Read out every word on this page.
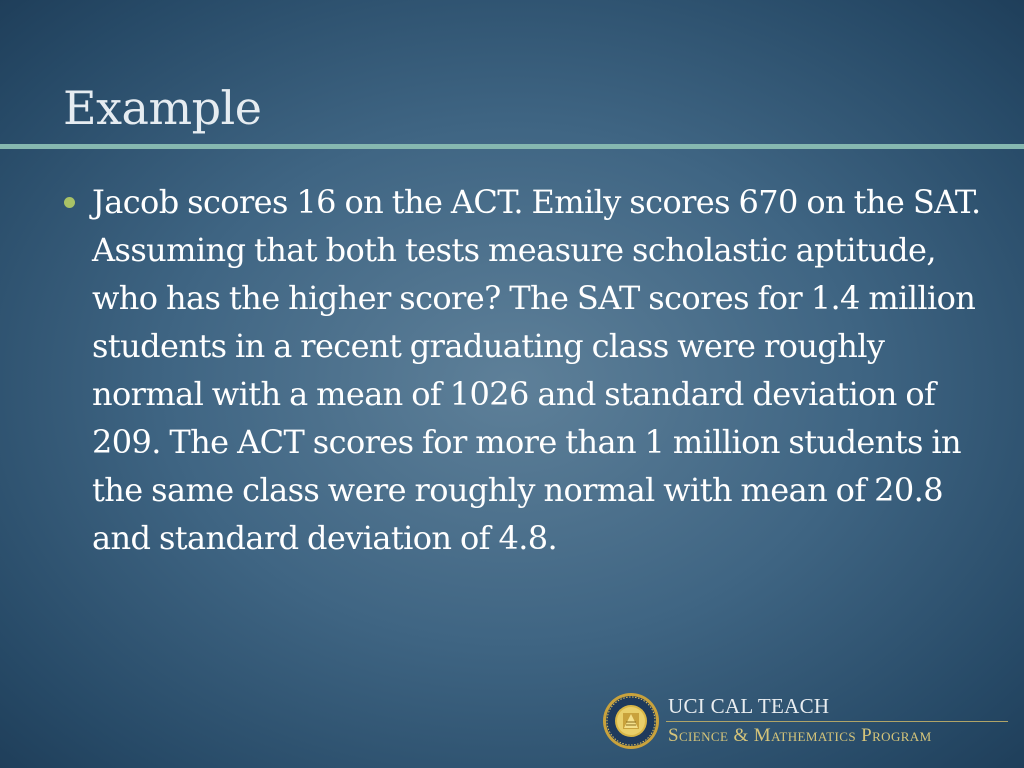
Example
Jacob scores 16 on the ACT. Emily scores 670 on the SAT. Assuming that both tests measure scholastic aptitude, who has the higher score? The SAT scores for 1.4 million students in a recent graduating class were roughly normal with a mean of 1026 and standard deviation of 209. The ACT scores for more than 1 million students in the same class were roughly normal with mean of 20.8 and standard deviation of 4.8.
UCI CAL TEACH
Science & Mathematics Program
